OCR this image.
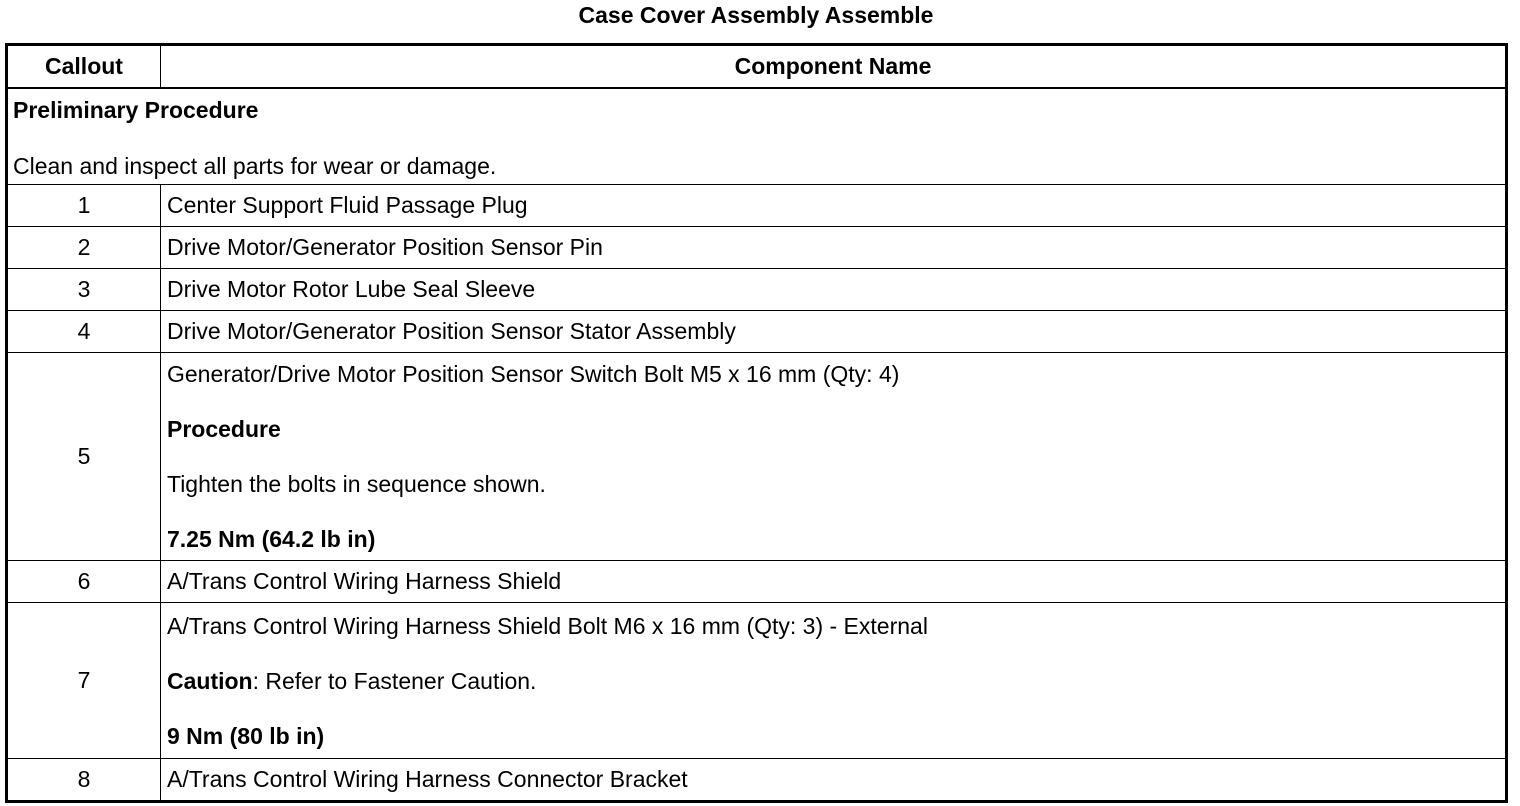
Case Cover Assembly Assemble
Callout	Component Name

Preliminary Procedure
Clean and inspect all parts for wear or damage.	

1	Center Support Fluid Passage Plug
2	Drive Motor/Generator Position Sensor Pin
3	Drive Motor Rotor Lube Seal Sleeve
4	Drive Motor/Generator Position Sensor Stator Assembly
5	Generator/Drive Motor Position Sensor Switch Bolt M5 x 16 mm (Qty: 4)
Procedure
Tighten the bolts in sequence shown.
7.25 Nm (64.2 lb in)

6	A/Trans Control Wiring Harness Shield
7	A/Trans Control Wiring Harness Shield Bolt M6 x 16 mm (Qty: 3) - External
Caution: Refer to Fastener Caution.
9 Nm (80 lb in)

8	A/Trans Control Wiring Harness Connector Bracket
